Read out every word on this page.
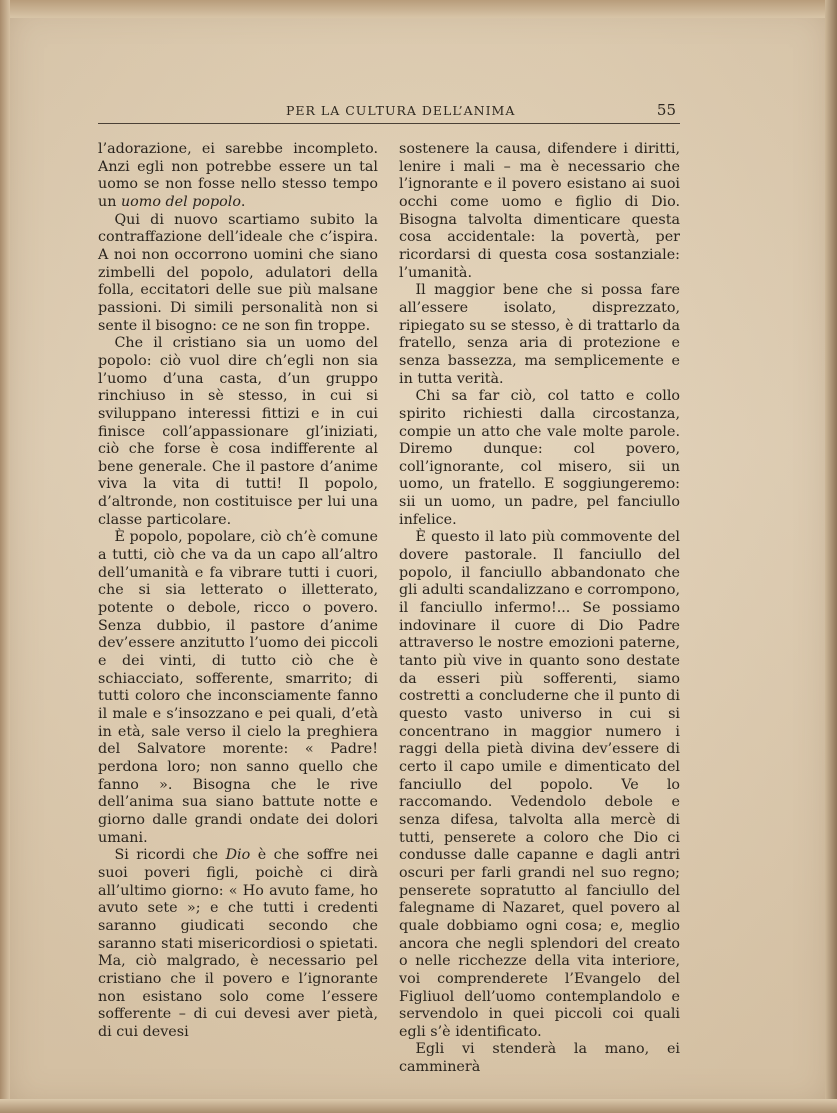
PER LA CULTURA DELL’ANIMA	55

l’adorazione, ei sarebbe incompleto. Anzi egli non potrebbe essere un tal uomo se non fosse nello stesso tempo un uomo del popolo.

Qui di nuovo scartiamo subito la contraffazione dell’ideale che c’ispira. A noi non occorrono uomini che siano zimbelli del popolo, adulatori della folla, eccitatori delle sue più malsane passioni. Di simili personalità non si sente il bisogno: ce ne son fin troppe.

Che il cristiano sia un uomo del popolo: ciò vuol dire ch’egli non sia l’uomo d’una casta, d’un gruppo rinchiuso in sè stesso, in cui si sviluppano interessi fittizi e in cui finisce coll’appassionare gl’iniziati, ciò che forse è cosa indifferente al bene generale. Che il pastore d’anime viva la vita di tutti! Il popolo, d’altronde, non costituisce per lui una classe particolare.

È popolo, popolare, ciò ch’è comune a tutti, ciò che va da un capo all’altro dell’umanità e fa vibrare tutti i cuori, che si sia letterato o illetterato, potente o debole, ricco o povero. Senza dubbio, il pastore d’anime dev’essere anzitutto l’uomo dei piccoli e dei vinti, di tutto ciò che è schiacciato, sofferente, smarrito; di tutti coloro che inconsciamente fanno il male e s’insozzano e pei quali, d’età in età, sale verso il cielo la preghiera del Salvatore morente: « Padre! perdona loro; non sanno quello che fanno ». Bisogna che le rive dell’anima sua siano battute notte e giorno dalle grandi ondate dei dolori umani.

Si ricordi che Dio è che soffre nei suoi poveri figli, poichè ci dirà all’ultimo giorno: « Ho avuto fame, ho avuto sete »; e che tutti i credenti saranno giudicati secondo che saranno stati misericordiosi o spietati. Ma, ciò malgrado, è necessario pel cristiano che il povero e l’ignorante non esistano solo come l’essere sofferente – di cui devesi aver pietà, di cui devesi

sostenere la causa, difendere i diritti, lenire i mali – ma è necessario che l’ignorante e il povero esistano ai suoi occhi come uomo e figlio di Dio. Bisogna talvolta dimenticare questa cosa accidentale: la povertà, per ricordarsi di questa cosa sostanziale: l’umanità.

Il maggior bene che si possa fare all’essere isolato, disprezzato, ripiegato su se stesso, è di trattarlo da fratello, senza aria di protezione e senza bassezza, ma semplicemente e in tutta verità.

Chi sa far ciò, col tatto e collo spirito richiesti dalla circostanza, compie un atto che vale molte parole. Diremo dunque: col povero, coll’ignorante, col misero, sii un uomo, un fratello. E soggiungeremo: sii un uomo, un padre, pel fanciullo infelice.

È questo il lato più commovente del dovere pastorale. Il fanciullo del popolo, il fanciullo abbandonato che gli adulti scandalizzano e corrompono, il fanciullo infermo!... Se possiamo indovinare il cuore di Dio Padre attraverso le nostre emozioni paterne, tanto più vive in quanto sono destate da esseri più sofferenti, siamo costretti a concluderne che il punto di questo vasto universo in cui si concentrano in maggior numero i raggi della pietà divina dev’essere di certo il capo umile e dimenticato del fanciullo del popolo. Ve lo raccomando. Vedendolo debole e senza difesa, talvolta alla mercè di tutti, penserete a coloro che Dio ci condusse dalle capanne e dagli antri oscuri per farli grandi nel suo regno; penserete sopratutto al fanciullo del falegname di Nazaret, quel povero al quale dobbiamo ogni cosa; e, meglio ancora che negli splendori del creato o nelle ricchezze della vita interiore, voi comprenderete l’Evangelo del Figliuol dell’uomo contemplandolo e servendolo in quei piccoli coi quali egli s’è identificato.

Egli vi stenderà la mano, ei camminerà
